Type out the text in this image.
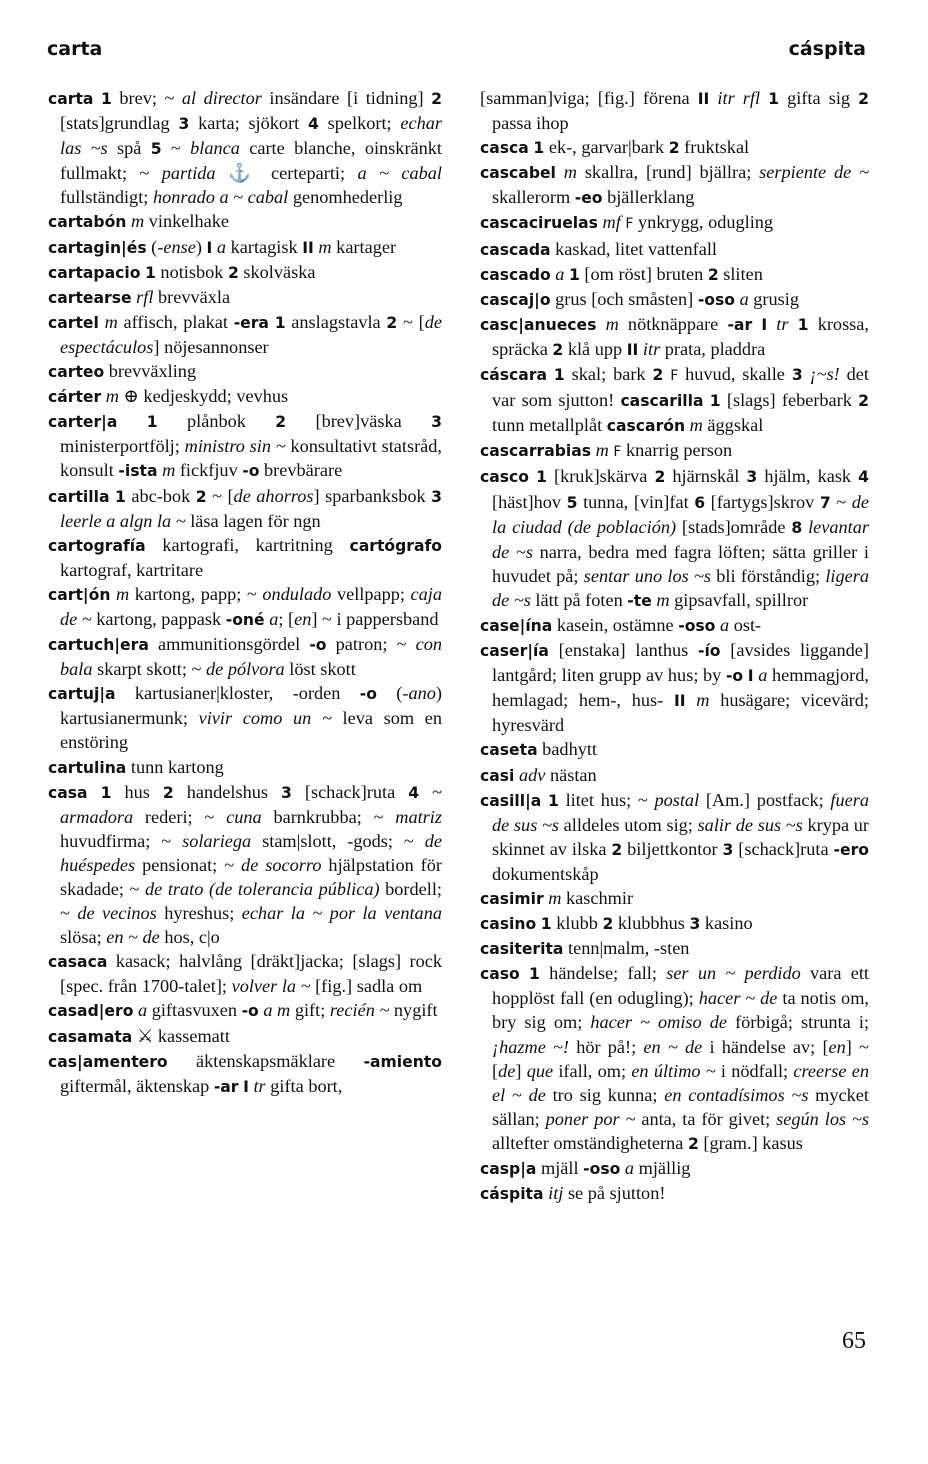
carta	cáspita

carta 1 brev; ~ al director insändare [i tidning] 2 [stats]grundlag 3 karta; sjökort 4 spelkort; echar las ~s spå 5 ~ blanca carte blanche, oinskränkt fullmakt; ~ partida ⚓ certeparti; a ~ cabal fullständigt; honrado a ~ cabal genomhederlig

cartabón m vinkelhake

cartagin|és (-ense) I a kartagisk II m kartager

cartapacio 1 notisbok 2 skolväska

cartearse rfl brevväxla

cartel m affisch, plakat -era 1 anslagstavla 2 ~ [de espectáculos] nöjesannonser

carteo brevväxling

cárter m ⊕ kedjeskydd; vevhus

carter|a 1 plånbok 2 [brev]väska 3 ministerportfölj; ministro sin ~ konsultativt statsråd, konsult -ista m fickfjuv -o brevbärare

cartilla 1 abc-bok 2 ~ [de ahorros] sparbanksbok 3 leerle a algn la ~ läsa lagen för ngn

cartografía kartografi, kartritning cartógrafo kartograf, kartritare

cart|ón m kartong, papp; ~ ondulado vellpapp; caja de ~ kartong, pappask -oné a; [en] ~ i pappersband

cartuch|era ammunitionsgördel -o patron; ~ con bala skarpt skott; ~ de pólvora löst skott

cartuj|a kartusianer|kloster, -orden -o (-ano) kartusianermunk; vivir como un ~ leva som en enstöring

cartulina tunn kartong

casa 1 hus 2 handelshus 3 [schack]ruta 4 ~ armadora rederi; ~ cuna barnkrubba; ~ matriz huvudfirma; ~ solariega stam|slott, -gods; ~ de huéspedes pensionat; ~ de socorro hjälpstation för skadade; ~ de trato (de tolerancia pública) bordell; ~ de vecinos hyreshus; echar la ~ por la ventana slösa; en ~ de hos, c|o

casaca kasack; halvlång [dräkt]jacka; [slags] rock [spec. från 1700-talet]; volver la ~ [fig.] sadla om

casad|ero a giftasvuxen -o a m gift; recién ~ nygift

casamata ⚔ kassematt

cas|amentero äktenskapsmäklare -amiento giftermål, äktenskap -ar I tr gifta bort,

[samman]viga; [fig.] förena II itr rfl 1 gifta sig 2 passa ihop

casca 1 ek-, garvar|bark 2 fruktskal

cascabel m skallra, [rund] bjällra; serpiente de ~ skallerorm -eo bjällerklang

cascaciruelas mf F ynkrygg, odugling

cascada kaskad, litet vattenfall

cascado a 1 [om röst] bruten 2 sliten

cascaj|o grus [och småsten] -oso a grusig

casc|anueces m nötknäppare -ar I tr 1 krossa, spräcka 2 klå upp II itr prata, pladdra

cáscara 1 skal; bark 2 F huvud, skalle 3 ¡~s! det var som sjutton! cascarilla 1 [slags] feberbark 2 tunn metallplåt cascarón m äggskal

cascarrabias m F knarrig person

casco 1 [kruk]skärva 2 hjärnskål 3 hjälm, kask 4 [häst]hov 5 tunna, [vin]fat 6 [fartygs]skrov 7 ~ de la ciudad (de población) [stads]område 8 levantar de ~s narra, bedra med fagra löften; sätta griller i huvudet på; sentar uno los ~s bli förståndig; ligera de ~s lätt på foten -te m gipsavfall, spillror

case|ína kasein, ostämne -oso a ost-

caser|ía [enstaka] lanthus -ío [avsides liggande] lantgård; liten grupp av hus; by -o I a hemmagjord, hemlagad; hem-, hus- II m husägare; vicevärd; hyresvärd

caseta badhytt

casi adv nästan

casill|a 1 litet hus; ~ postal [Am.] postfack; fuera de sus ~s alldeles utom sig; salir de sus ~s krypa ur skinnet av ilska 2 biljettkontor 3 [schack]ruta -ero dokumentskåp

casimir m kaschmir

casino 1 klubb 2 klubbhus 3 kasino

casiterita tenn|malm, -sten

caso 1 händelse; fall; ser un ~ perdido vara ett hopplöst fall (en odugling); hacer ~ de ta notis om, bry sig om; hacer ~ omiso de förbigå; strunta i; ¡hazme ~! hör på!; en ~ de i händelse av; [en] ~ [de] que ifall, om; en último ~ i nödfall; creerse en el ~ de tro sig kunna; en contadísimos ~s mycket sällan; poner por ~ anta, ta för givet; según los ~s alltefter omständigheterna 2 [gram.] kasus

casp|a mjäll -oso a mjällig

cáspita itj se på sjutton!

65
